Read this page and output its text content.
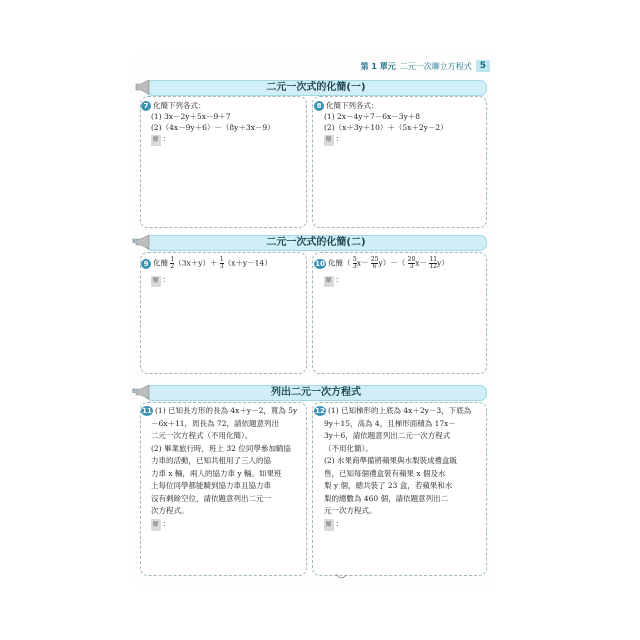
第 1 單元 二元一次聯立方程式 5
二元一次式的化簡(一)
7 化簡下列各式：
(1) 3x－2y＋5x－9＋7
(2)（4x－9y＋6）－（8y＋3x－9）
解 ：
8 化簡下列各式：
(1) 2x－4y＋7－6x－3y＋8
(2)（x＋3y＋10）＋（5x＋2y－2）
解 ：
8	二元一次式的化簡(二)
9 化簡 $\frac{1}{2} (3x+y)+ \frac{1}{3} (x+y-14)$
解 ：
10 化簡（ $\frac{5}{3} x- \frac{25}{6} y)-( \frac{20}{3} x- \frac{11}{12} y)$
解 ：
8	列出二元一次方程式
11 (1) 已知長方形的長為 4x＋y－2，寬為 5y
－6x＋11，周長為 72，請依題意列出
二元一次方程式（不用化簡）。
(2) 畢業旅行時，班上 32 位同學參加騎協
力車的活動，已知共租用了三人的協
力車 x 輛，兩人的協力車 y 輛。如果班
上每位同學都能騎到協力車且協力車
沒有剩餘空位，請依題意列出二元一
次方程式。
解 ：
12 (1) 已知梯形的上底為 4x＋2y－3，下底為
9y＋15，高為 4，且梯形面積為 17x－
3y＋6，請依題意列出二元一次方程式
（不用化簡）。
(2) 水果商準備將蘋果與水梨裝成禮盒販
售，已知每個禮盒裝有蘋果 x 個及水
梨 y 個，總共裝了 23 盒，若蘋果和水
梨的總數為 460 個，請依題意列出二
元一次方程式。
解 ：
